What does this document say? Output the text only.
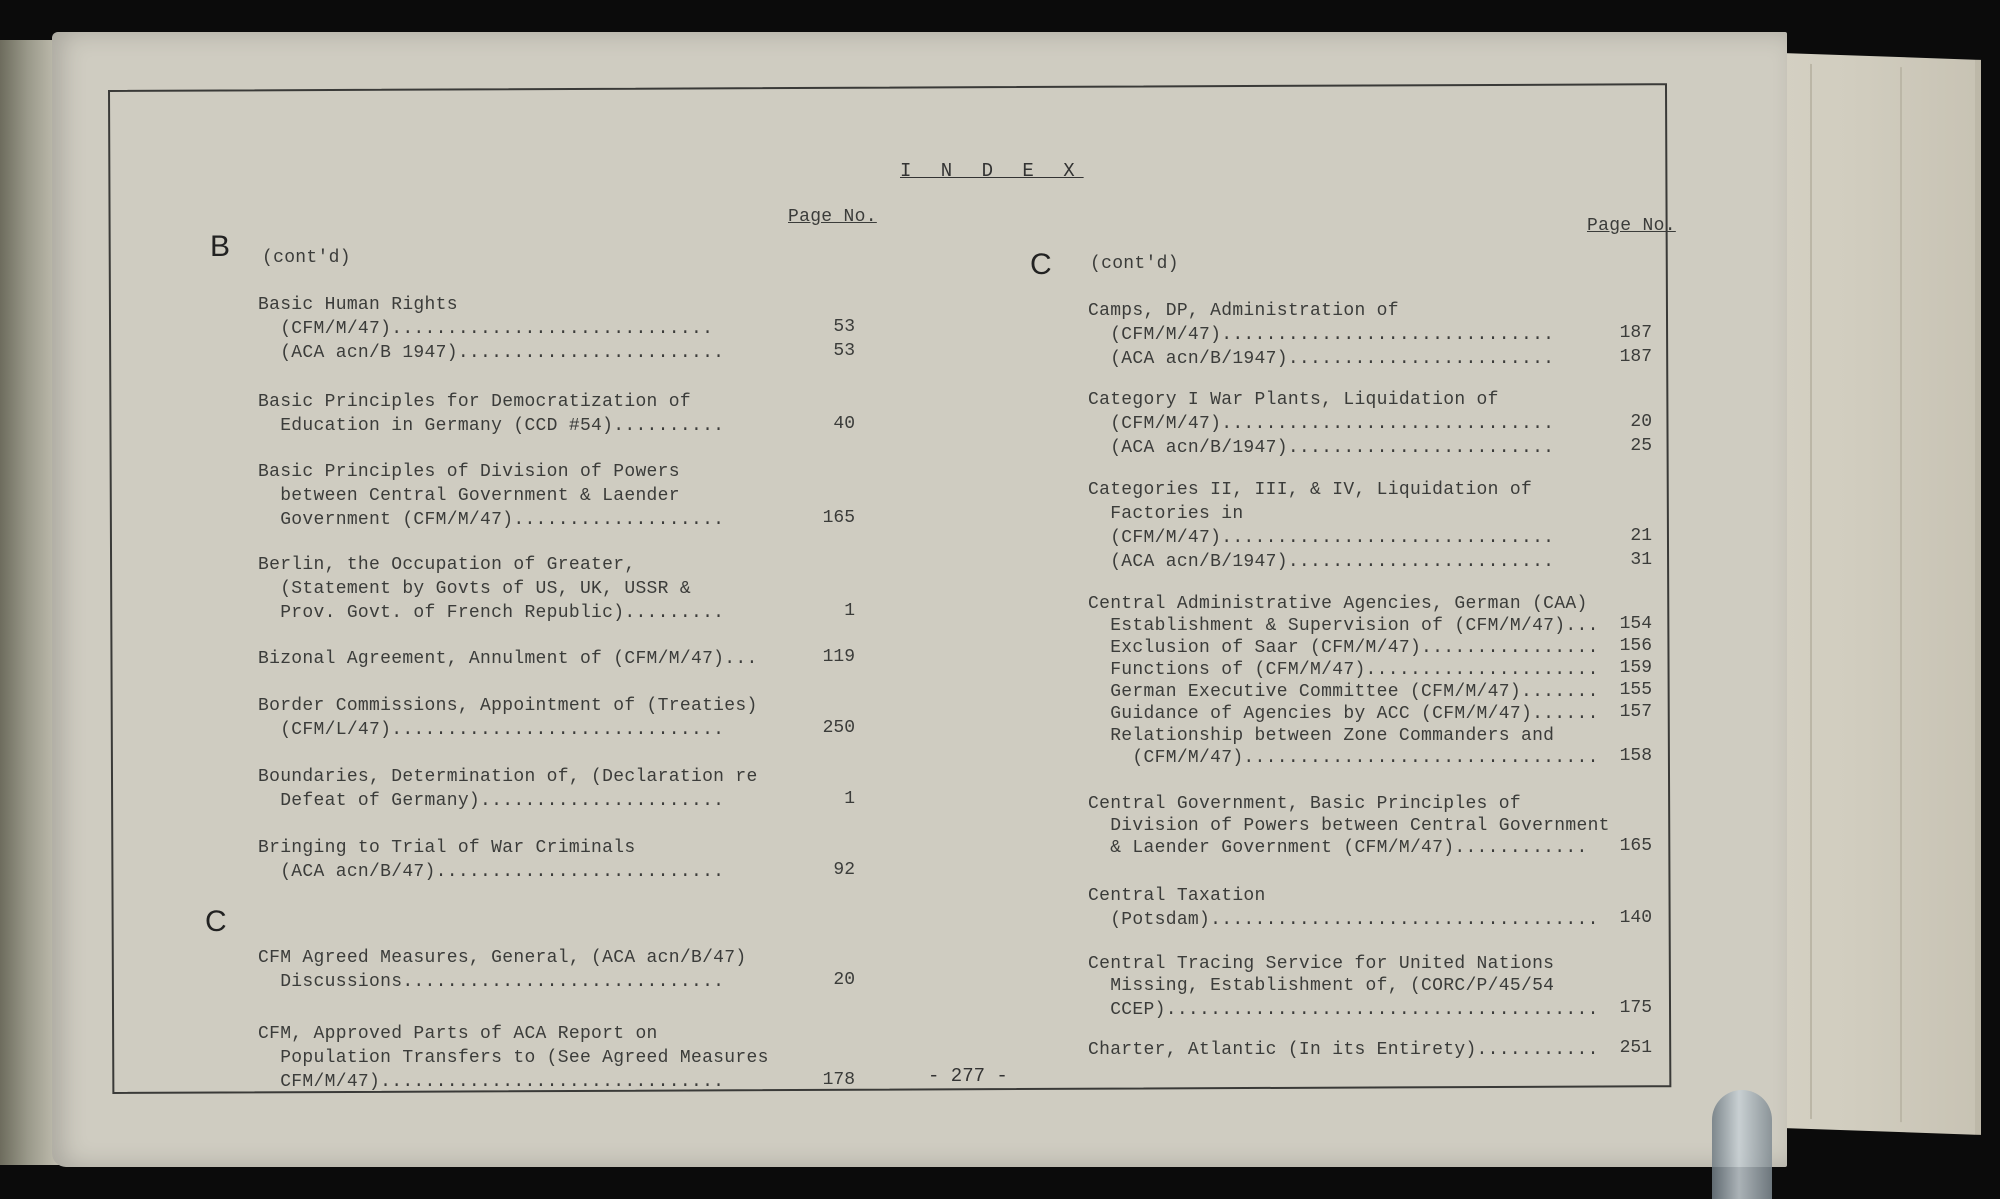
I N D E X
Page No.
B (cont'd)
Basic Human Rights
(CFM/M/47).............................	53
(ACA acn/B 1947)........................	53
Basic Principles for Democratization of
Education in Germany (CCD #54)..........	40
Basic Principles of Division of Powers
between Central Government & Laender
Government (CFM/M/47)...................	165
Berlin, the Occupation of Greater,
(Statement by Govts of US, UK, USSR &
Prov. Govt. of French Republic).........	1
Bizonal Agreement, Annulment of (CFM/M/47)...	119
Border Commissions, Appointment of (Treaties)
(CFM/L/47)..............................	250
Boundaries, Determination of, (Declaration re
Defeat of Germany)......................	1
Bringing to Trial of War Criminals
(ACA acn/B/47)..........................	92
CFM Agreed Measures, General, (ACA acn/B/47)
Discussions.............................	20
CFM, Approved Parts of ACA Report on
Population Transfers to (See Agreed Measures
CFM/M/47)...............................	178
C
Page No.
C (cont'd)
Camps, DP, Administration of
(CFM/M/47)..............................	187
(ACA acn/B/1947)........................	187
Category I War Plants, Liquidation of
(CFM/M/47)..............................	20
(ACA acn/B/1947)........................	25
Categories II, III, & IV, Liquidation of
Factories in
(CFM/M/47)..............................	21
(ACA acn/B/1947)........................	31
Central Administrative Agencies, German (CAA)
Establishment & Supervision of (CFM/M/47)...	154
Exclusion of Saar (CFM/M/47)................	156
Functions of (CFM/M/47).....................	159
German Executive Committee (CFM/M/47).......	155
Guidance of Agencies by ACC (CFM/M/47)......	157
Relationship between Zone Commanders and
(CFM/M/47)................................	158
Central Government, Basic Principles of
Division of Powers between Central Government
& Laender Government (CFM/M/47)............	165
Central Taxation
(Potsdam)...................................	140
Central Tracing Service for United Nations
Missing, Establishment of, (CORC/P/45/54
CCEP).......................................	175
Charter, Atlantic (In its Entirety)...........	251
- 277 -
